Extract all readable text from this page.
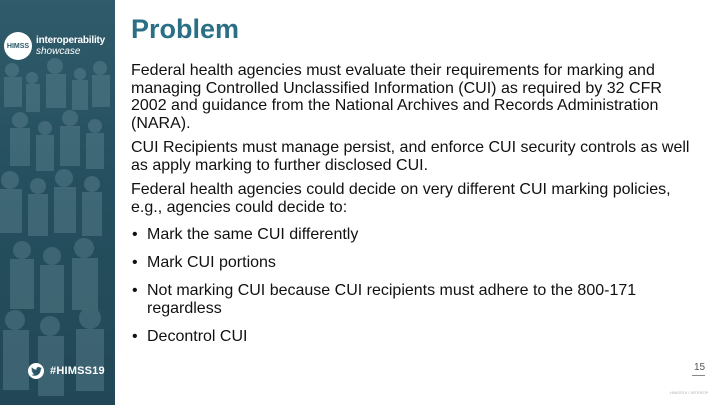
HIMSS interoperability
showcase
#HIMSS19
Problem

Federal health agencies must evaluate their requirements for marking and managing Controlled Unclassified Information (CUI) as required by 32 CFR 2002 and guidance from the National Archives and Records Administration (NARA).

CUI Recipients must manage persist, and enforce CUI security controls as well as apply marking to further disclosed CUI.

Federal health agencies could decide on very different CUI marking policies, e.g., agencies could decide to:

• Mark the same CUI differently
• Mark CUI portions
• Not marking CUI because CUI recipients must adhere to the 800-171 regardless
• Decontrol CUI
15
HIMSS19 / INTEROP
